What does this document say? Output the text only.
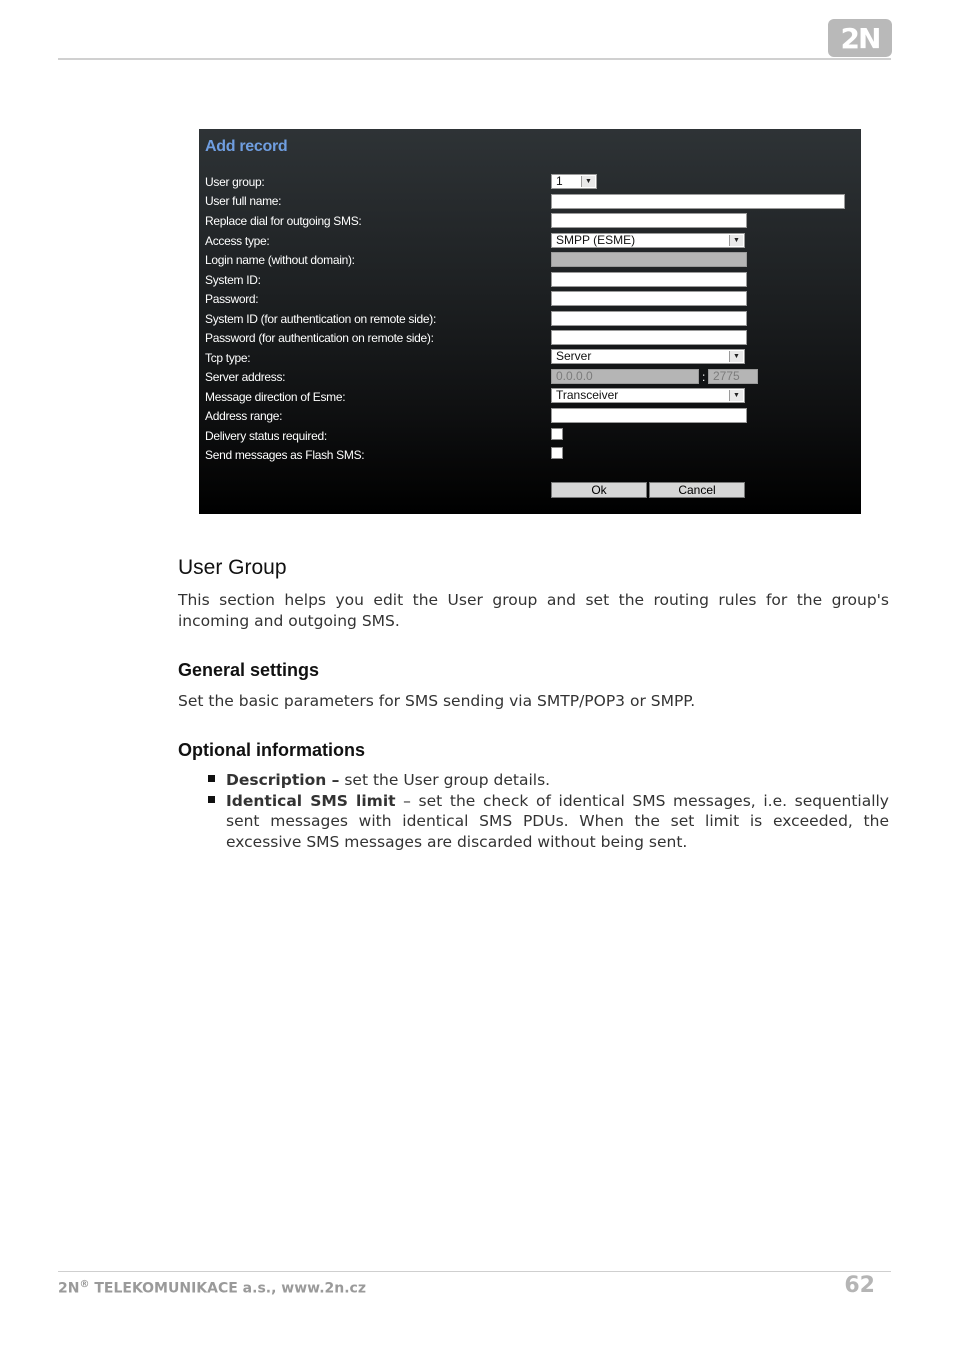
2N
Add record
User group:	1	▼
User full name:
Replace dial for outgoing SMS:
Access type:	SMPP (ESME)	▼
Login name (without domain):
System ID:
Password:
System ID (for authentication on remote side):
Password (for authentication on remote side):
Tcp type:	Server	▼
Server address:	0.0.0.0	: 2775
Message direction of Esme:	Transceiver	▼
Address range:
Delivery status required:
Send messages as Flash SMS:
Ok	Cancel
User Group

This section helps you edit the User group and set the routing rules for the group's incoming and outgoing SMS.

General settings

Set the basic parameters for SMS sending via SMTP/POP3 or SMPP.

Optional informations
Description – set the User group details.
Identical SMS limit – set the check of identical SMS messages, i.e. sequentially sent messages with identical SMS PDUs. When the set limit is exceeded, the excessive SMS messages are discarded without being sent.
2N® TELEKOMUNIKACE a.s., www.2n.cz	62
